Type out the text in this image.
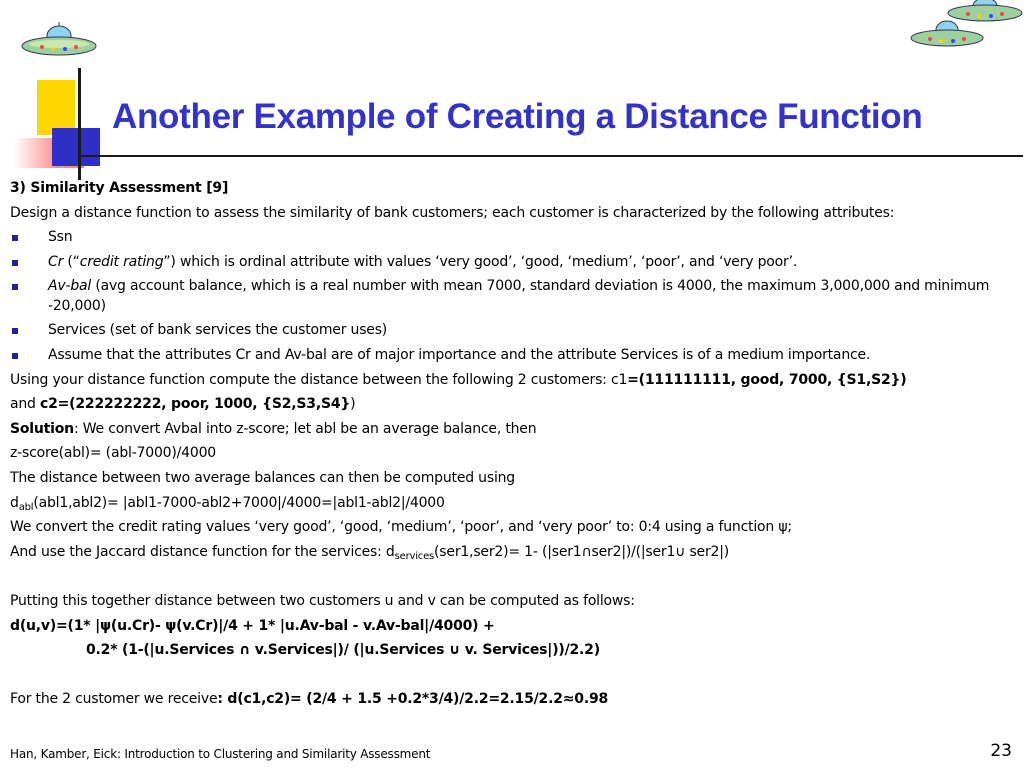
Another Example of Creating a Distance Function
3) Similarity Assessment [9]
Design a distance function to assess the similarity of bank customers; each customer is characterized by the following attributes:
Ssn
Cr (“credit rating”) which is ordinal attribute with values ‘very good’, ‘good, ‘medium’, ‘poor’, and ‘very poor’.
Av-bal (avg account balance, which is a real number with mean 7000, standard deviation is 4000, the maximum 3,000,000 and minimum -20,000)
Services (set of bank services the customer uses)
Assume that the attributes Cr and Av-bal are of major importance and the attribute Services is of a medium importance.
Using your distance function compute the distance between the following 2 customers: c1=(111111111, good, 7000, {S1,S2})
and c2=(222222222, poor, 1000, {S2,S3,S4})
Solution: We convert Avbal into z-score; let abl be an average balance, then
z-score(abl)= (abl-7000)/4000
The distance between two average balances can then be computed using
$d_{abl}(abl1,abl2)= |abl1-7000-abl2+7000|/4000=|abl1-abl2|/4000$
We convert the credit rating values ‘very good’, ‘good, ‘medium’, ‘poor’, and ‘very poor’ to: 0:4 using a function ψ;
And use the Jaccard distance function for the services: $d_{services}(ser1,ser2)= 1-$ (|ser1∩ser2|)/(|ser1∪ ser2|)
Putting this together distance between two customers u and v can be computed as follows:
d(u,v)=(1* |ψ(u.Cr)- ψ(v.Cr)|/4 + 1* |u.Av-bal - v.Av-bal|/4000) +
0.2* (1-(|u.Services ∩ v.Services|)/ (|u.Services ∪ v. Services|))/2.2)
For the 2 customer we receive: d(c1,c2)= (2/4 + 1.5 +0.2*3/4)/2.2=2.15/2.2≈0.98
Han, Kamber, Eick: Introduction to Clustering and Similarity Assessment	23
